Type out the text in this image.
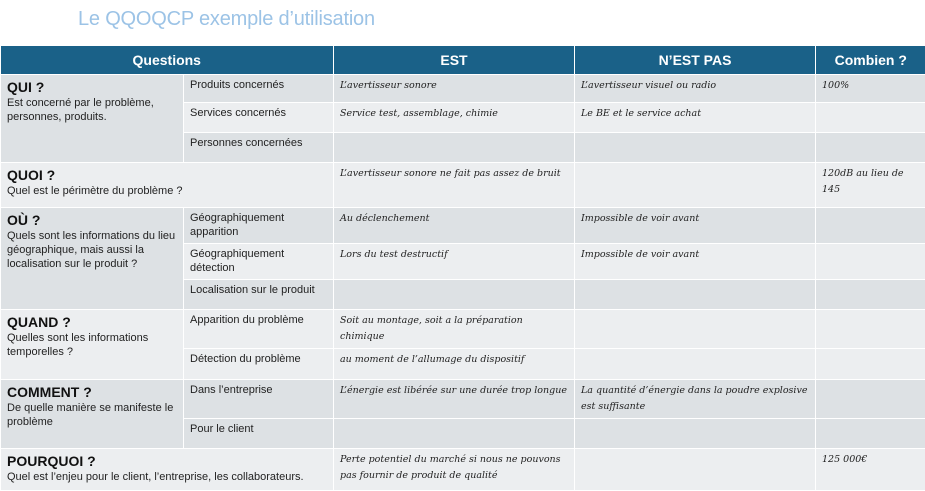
Le QQOQCP exemple d’utilisation
Questions		EST	N’EST PAS	Combien ?

QUI ?
Est concerné par le problème, personnes, produits.	Produits concernés	L’avertisseur sonore	L’avertisseur visuel ou radio	100%
	Services concernés	Service test, assemblage, chimie	Le BE et le service achat	
	Personnes concernées			

QUOI ?
Quel est le périmètre du problème ?		L’avertisseur sonore ne fait pas assez de bruit		120dB au lieu de 145

OÙ ?
Quels sont les informations du lieu géographique, mais aussi la localisation sur le produit ?	Géographiquement apparition	Au déclenchement	Impossible de voir avant	
	Géographiquement détection	Lors du test destructif	Impossible de voir avant	
	Localisation sur le produit			

QUAND ?
Quelles sont les informations temporelles ?	Apparition du problème	Soit au montage, soit a la préparation chimique		
	Détection du problème	au moment de l’allumage du dispositif		

COMMENT ?
De quelle manière se manifeste le problème	Dans l’entreprise	L’énergie est libérée sur une durée trop longue	La quantité d’énergie dans la poudre explosive est suffisante	
	Pour le client			

POURQUOI ?
Quel est l’enjeu pour le client, l’entreprise, les collaborateurs.		Perte potentiel du marché si nous ne pouvons pas fournir de produit de qualité		125 000€
